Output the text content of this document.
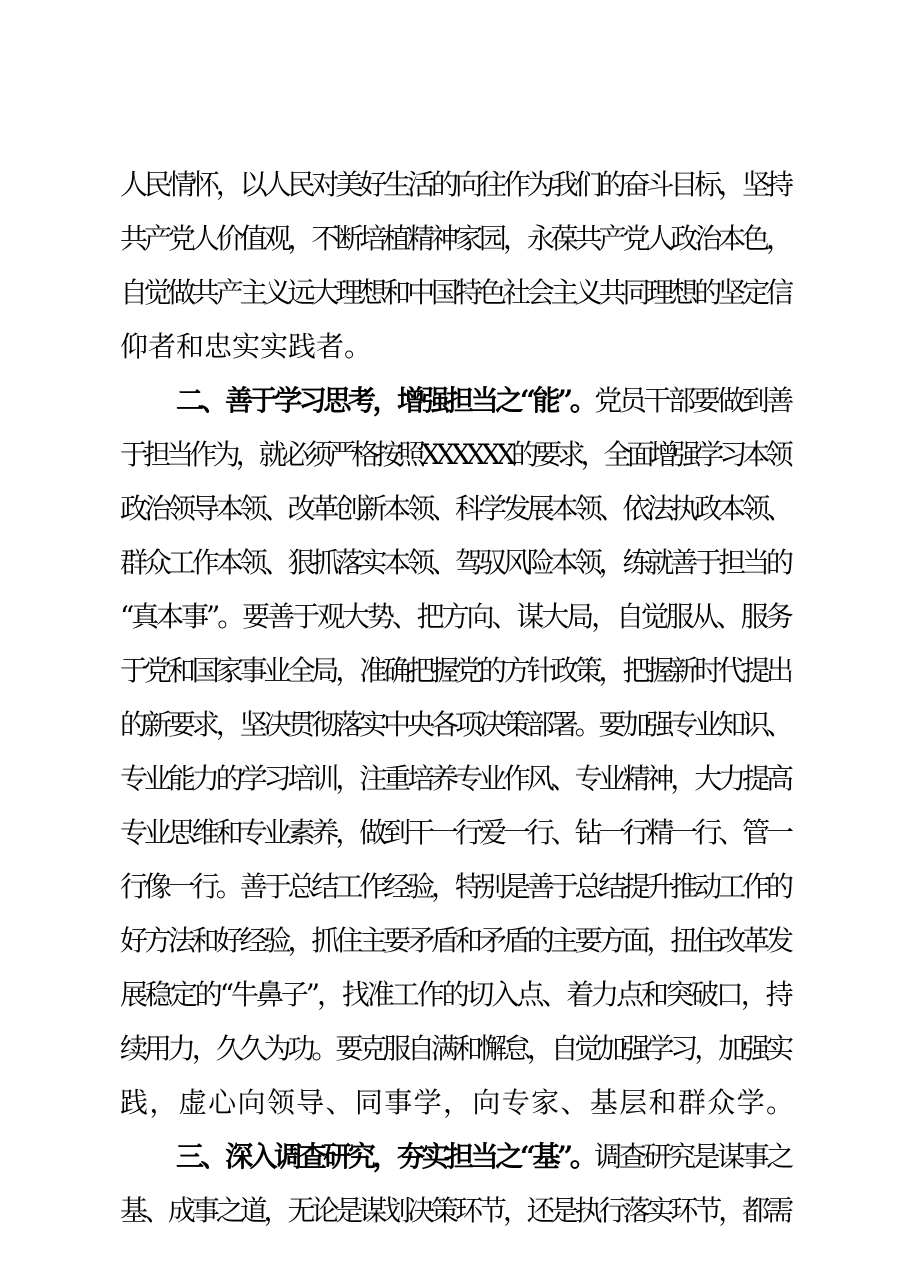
人民情怀，以人民对美好生活的向往作为我们的奋斗目标，坚持

共产党人价值观，不断培植精神家园，永葆共产党人政治本色，

自觉做共产主义远大理想和中国特色社会主义共同理想的坚定信

仰者和忠实实践者。

二、善于学习思考，增强担当之“能”。党员干部要做到善

于担当作为，就必须严格按照XXXXXX的要求，全面增强学习本领

政治领导本领、改革创新本领、科学发展本领、依法执政本领、

群众工作本领、狠抓落实本领、驾驭风险本领，练就善于担当的

“真本事”。要善于观大势、把方向、谋大局，自觉服从、服务

于党和国家事业全局，准确把握党的方针政策，把握新时代提出

的新要求，坚决贯彻落实中央各项决策部署。要加强专业知识、

专业能力的学习培训，注重培养专业作风、专业精神，大力提高

专业思维和专业素养，做到干一行爱一行、钻一行精一行、管一

行像一行。善于总结工作经验，特别是善于总结提升推动工作的

好方法和好经验，抓住主要矛盾和矛盾的主要方面，扭住改革发

展稳定的“牛鼻子”，找准工作的切入点、着力点和突破口，持

续用力，久久为功。要克服自满和懈怠，自觉加强学习，加强实

践，虚心向领导、同事学，向专家、基层和群众学。

三、深入调查研究，夯实担当之“基”。调查研究是谋事之

基、成事之道，无论是谋划决策环节，还是执行落实环节，都需
